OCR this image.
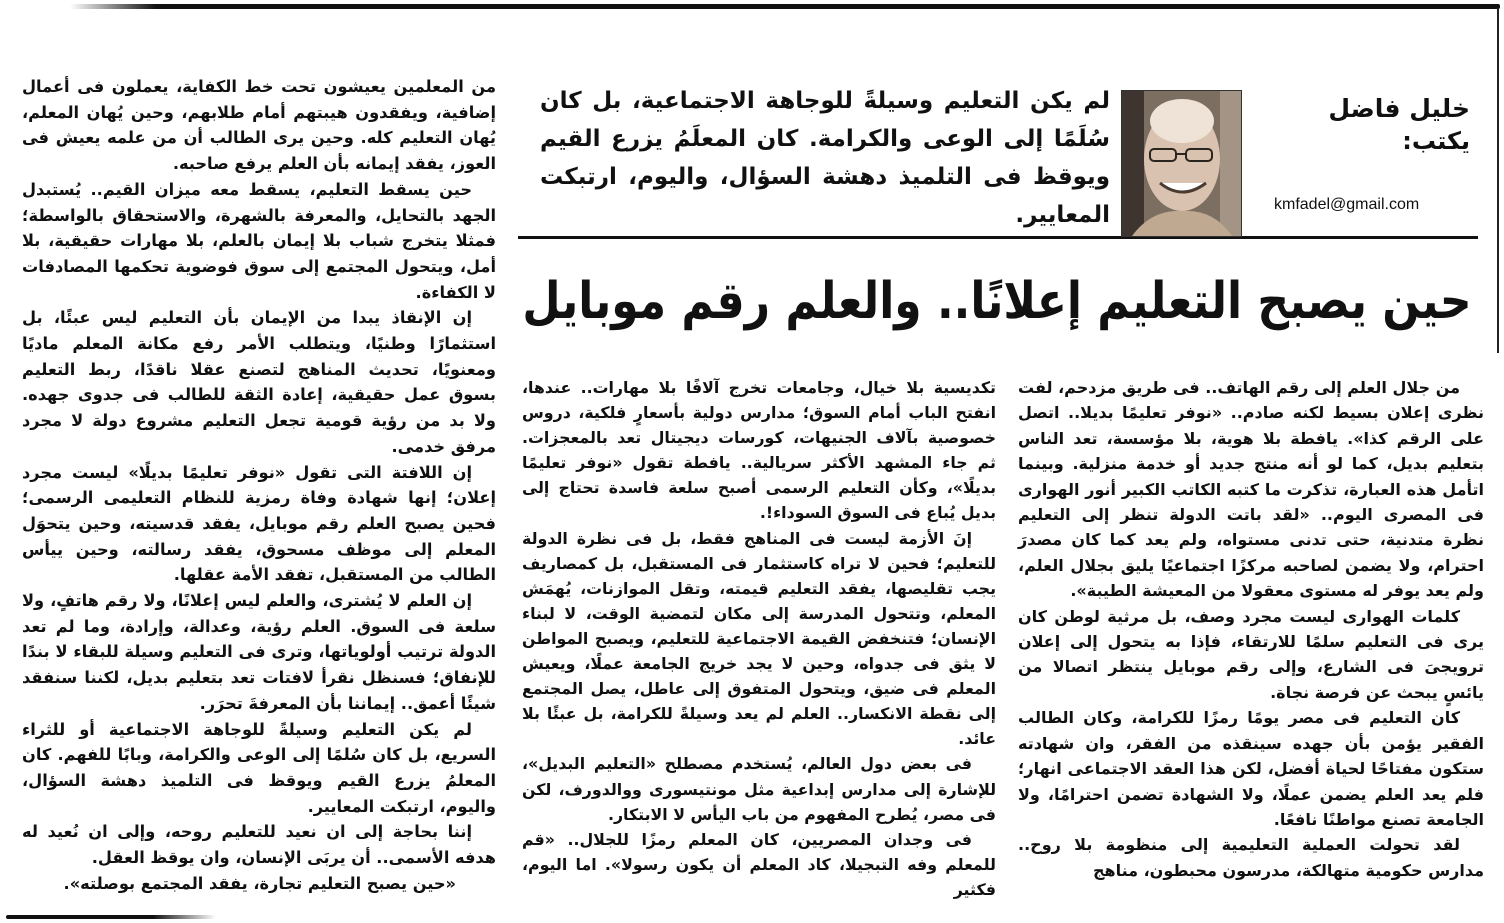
خليل فاضل

يكتب:

kmfadel@gmail.com
لم يكن التعليم وسيلةً للوجاهة الاجتماعية، بل كان سُلَمًا إلى الوعى والكرامة. كان المعلَمُ يزرع القيم ويوقظ فى التلميذ دهشة السؤال، واليوم، ارتبكت المعايير.
حين يصبح التعليم إعلانًا.. والعلم رقم موبايل

من جلال العلم إلى رقم الهاتف.. فى طريق مزدحم، لفت نظرى إعلان بسيط لكنه صادم.. «نوفر تعليمًا بديلا.. اتصل على الرقم كذا». يافطة بلا هوية، بلا مؤسسة، تعد الناس بتعليم بديل، كما لو أنه منتج جديد أو خدمة منزلية. وبينما اتأمل هذه العبارة، تذكرت ما كتبه الكاتب الكبير أنور الهوارى فى المصرى اليوم.. «لقد باتت الدولة تنظر إلى التعليم نظرة متدنية، حتى تدنى مستواه، ولم يعد كما كان مصدرَ احترام، ولا يضمن لصاحبه مركزًا اجتماعيًا يليق بجلال العلم، ولم يعد يوفر له مستوى معقولا من المعيشة الطيبة».

كلمات الهوارى ليست مجرد وصف، بل مرثية لوطن كان يرى فى التعليم سلمًا للارتقاء، فإذا به يتحول إلى إعلان ترويجىَ فى الشارع، وإلى رقم موبايل ينتظر اتصالا من يائسٍ يبحث عن فرصة نجاة.

كان التعليم فى مصر يومًا رمزًا للكرامة، وكان الطالب الفقير يؤمن بأن جهده سينقذه من الفقر، وان شهادته ستكون مفتاحًا لحياة أفضل، لكن هذا العقد الاجتماعى انهار؛ فلم يعد العلم يضمن عملًا، ولا الشهادة تضمن احترامًا، ولا الجامعة تصنع مواطنًا نافعًا.

لقد تحولت العملية التعليمية إلى منظومة بلا روح.. مدارس حكومية متهالكة، مدرسون محبطون، مناهج

تكديسية بلا خيال، وجامعات تخرج آلافًا بلا مهارات.. عندها، انفتح الباب أمام السوق؛ مدارس دولية بأسعارٍ فلكية، دروس خصوصية بآلاف الجنيهات، كورسات ديجيتال تعد بالمعجزات. ثم جاء المشهد الأكثر سريالية.. يافطة تقول «نوفر تعليمًا بديلًا»، وكأن التعليم الرسمى أصبح سلعة فاسدة تحتاج إلى بديل يُباع فى السوق السوداء!.

إنَ الأزمة ليست فى المناهج فقط، بل فى نظرة الدولة للتعليم؛ فحين لا تراه كاستثمار فى المستقبل، بل كمصاريف يجب تقليصها، يفقد التعليم قيمته، وتقل الموازنات، يُهمَش المعلم، وتتحول المدرسة إلى مكان لتمضية الوقت، لا لبناء الإنسان؛ فتنخفض القيمة الاجتماعية للتعليم، ويصبح المواطن لا يثق فى جدواه، وحين لا يجد خريج الجامعة عملًا، ويعيش المعلم فى ضيق، ويتحول المتفوق إلى عاطل، يصل المجتمع إلى نقطة الانكسار.. العلم لم يعد وسيلةً للكرامة، بل عبئًا بلا عائد.

فى بعض دول العالم، يُستخدم مصطلح «التعليم البديل»، للإشارة إلى مدارس إبداعية مثل مونتيسورى ووالدورف، لكن فى مصر، يُطرح المفهوم من باب اليأس لا الابتكار.

فى وجدان المصريين، كان المعلم رمزًا للجلال.. «قم للمعلم وفه التبجيلا، كاد المعلم أن يكون رسولا». اما اليوم، فكثير

من المعلمين يعيشون تحت خط الكفاية، يعملون فى أعمال إضافية، ويفقدون هيبتهم أمام طلابهم، وحين يُهان المعلم، يُهان التعليم كله. وحين يرى الطالب أن من علمه يعيش فى العوز، يفقد إيمانه بأن العلم يرفع صاحبه.

حين يسقط التعليم، يسقط معه ميزان القيم.. يُستبدل الجهد بالتحايل، والمعرفة بالشهرة، والاستحقاق بالواسطة؛ فمثلا يتخرج شباب بلا إيمان بالعلم، بلا مهارات حقيقية، بلا أمل، ويتحول المجتمع إلى سوق فوضوية تحكمها المصادفات لا الكفاءة.

إن الإنقاذ يبدا من الإيمان بأن التعليم ليس عبئًا، بل استثمارًا وطنيًا، ويتطلب الأمر رفع مكانة المعلم ماديًا ومعنويًا، تحديث المناهج لتصنع عقلا ناقدًا، ربط التعليم بسوق عمل حقيقية، إعادة الثقة للطالب فى جدوى جهده. ولا بد من رؤية قومية تجعل التعليم مشروع دولة لا مجرد مرفق خدمى.

إن اللافتة التى تقول «نوفر تعليمًا بديلًا» ليست مجرد إعلان؛ إنها شهادة وفاة رمزية للنظام التعليمى الرسمى؛ فحين يصبح العلم رقم موبايل، يفقد قدسيته، وحين يتحوَل المعلم إلى موظف مسحوق، يفقد رسالته، وحين ييأس الطالب من المستقبل، تفقد الأمة عقلها.

إن العلم لا يُشترى، والعلم ليس إعلانًا، ولا رقم هاتفٍ، ولا سلعة فى السوق. العلم رؤية، وعدالة، وإرادة، وما لم تعد الدولة ترتيب أولوياتها، وترى فى التعليم وسيلة للبقاء لا بندًا للإنفاق؛ فسنظل نقرأ لافتات تعد بتعليم بديل، لكننا سنفقد شيئًا أعمق.. إيماننا بأن المعرفةَ تحرَر.

لم يكن التعليم وسيلةً للوجاهة الاجتماعية أو للثراء السريع، بل كان سُلمًا إلى الوعى والكرامة، وبابًا للفهم. كان المعلمُ يزرع القيم ويوقظ فى التلميذ دهشة السؤال، واليوم، ارتبكت المعايير.

إننا بحاجة إلى ان نعيد للتعليم روحه، وإلى ان نُعيد له هدفه الأسمى.. أن يربَى الإنسان، وان يوقظ العقل.

«حين يصبح التعليم تجارة، يفقد المجتمع بوصلته».
